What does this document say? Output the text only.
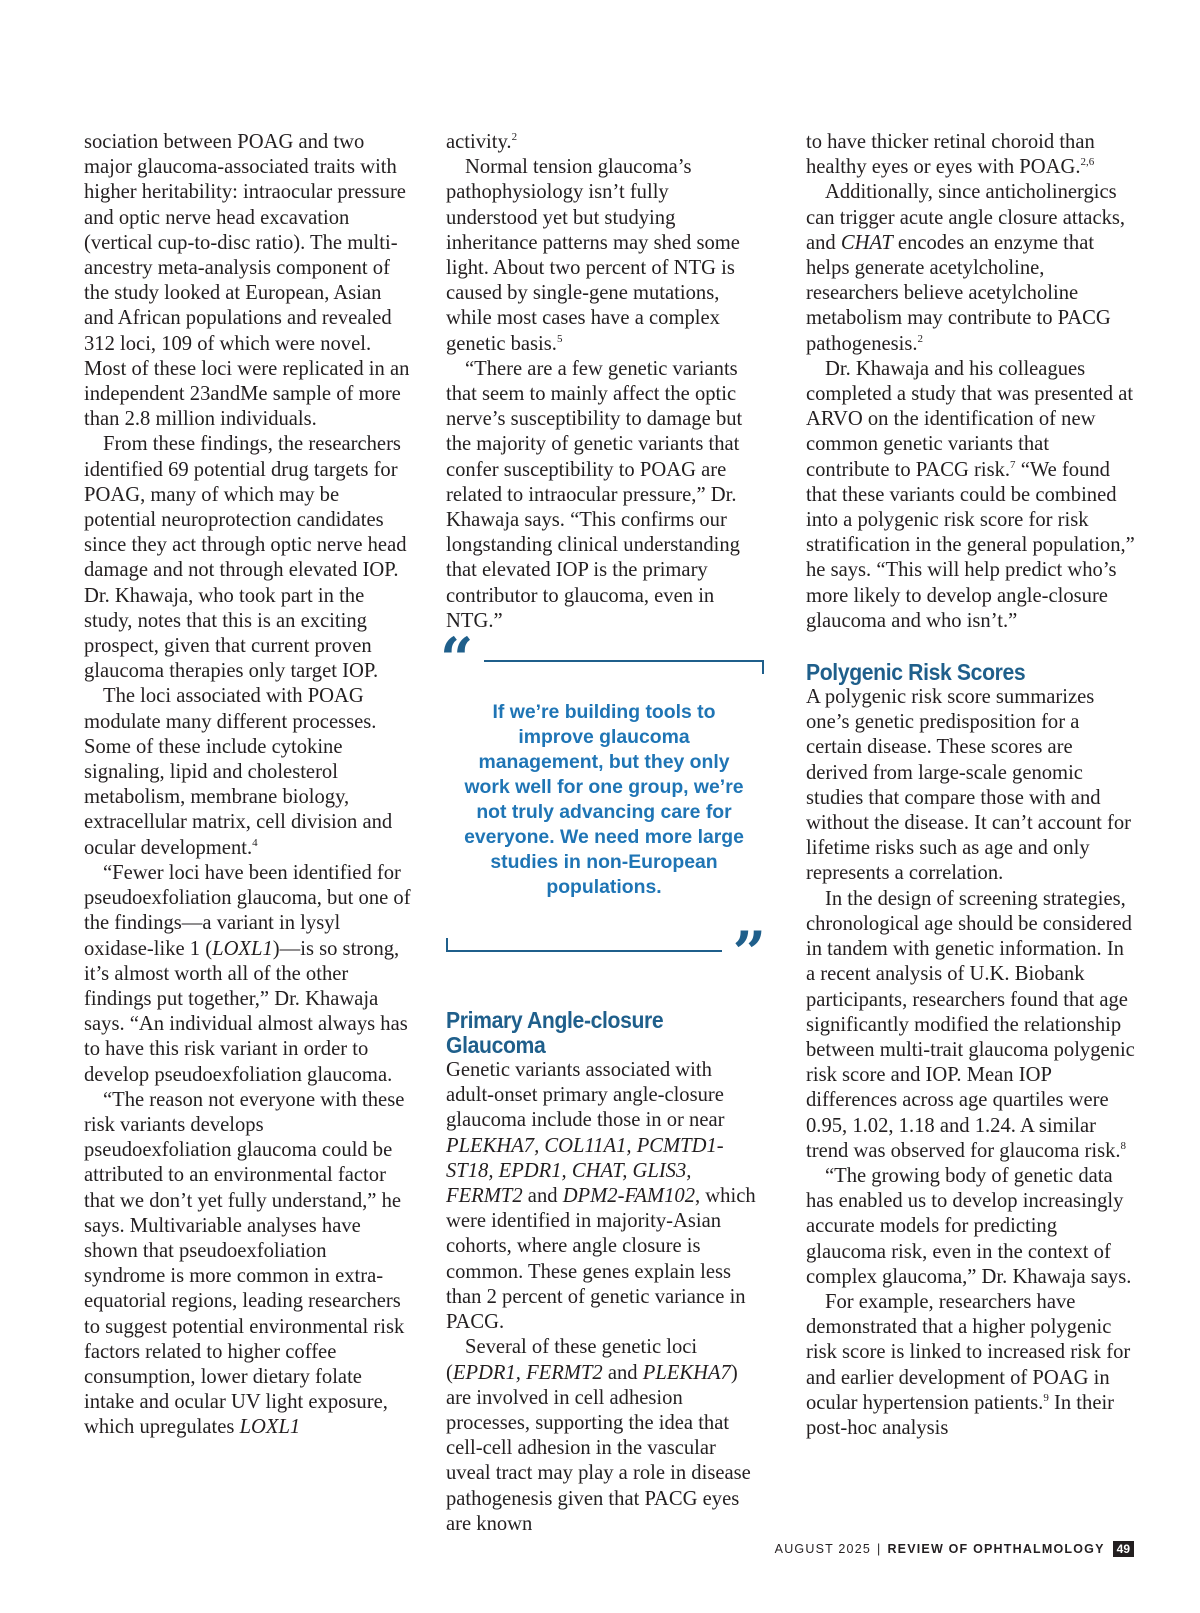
sociation between POAG and two major glaucoma-associated traits with higher heritability: intraocular pressure and optic nerve head excavation (vertical cup-to-disc ratio). The multi-ancestry meta-analysis component of the study looked at European, Asian and African populations and revealed 312 loci, 109 of which were novel. Most of these loci were replicated in an independent 23andMe sample of more than 2.8 million individuals.

From these findings, the researchers identified 69 potential drug targets for POAG, many of which may be potential neuroprotection candidates since they act through optic nerve head damage and not through elevated IOP. Dr. Khawaja, who took part in the study, notes that this is an exciting prospect, given that current proven glaucoma therapies only target IOP.

The loci associated with POAG modulate many different processes. Some of these include cytokine signaling, lipid and cholesterol metabolism, membrane biology, extracellular matrix, cell division and ocular development.$^4$

“Fewer loci have been identified for pseudoexfoliation glaucoma, but one of the findings—a variant in lysyl oxidase-like 1 (LOXL1)—is so strong, it’s almost worth all of the other findings put together,” Dr. Khawaja says. “An individual almost always has to have this risk variant in order to develop pseudoexfoliation glaucoma.

“The reason not everyone with these risk variants develops pseudoexfoliation glaucoma could be attributed to an environmental factor that we don’t yet fully understand,” he says. Multivariable analyses have shown that pseudoexfoliation syndrome is more common in extra-equatorial regions, leading researchers to suggest potential environmental risk factors related to higher coffee consumption, lower dietary folate intake and ocular UV light exposure, which upregulates LOXL1

activity.$^2$

Normal tension glaucoma’s pathophysiology isn’t fully understood yet but studying inheritance patterns may shed some light. About two percent of NTG is caused by single-gene mutations, while most cases have a complex genetic basis.$^5$

“There are a few genetic variants that seem to mainly affect the optic nerve’s susceptibility to damage but the majority of genetic variants that confer susceptibility to POAG are related to intraocular pressure,” Dr. Khawaja says. “This confirms our longstanding clinical understanding that elevated IOP is the primary contributor to glaucoma, even in NTG.”

“
If we’re building tools to improve glaucoma management, but they only work well for one group, we’re not truly advancing care for everyone. We need more large studies in non-European populations.
”
Primary Angle-closure Glaucoma

Genetic variants associated with adult-onset primary angle-closure glaucoma include those in or near PLEKHA7, COL11A1, PCMTD1-ST18, EPDR1, CHAT, GLIS3, FERMT2 and DPM2-FAM102, which were identified in majority-Asian cohorts, where angle closure is common. These genes explain less than 2 percent of genetic variance in PACG.

Several of these genetic loci (EPDR1, FERMT2 and PLEKHA7) are involved in cell adhesion processes, supporting the idea that cell-cell adhesion in the vascular uveal tract may play a role in disease pathogenesis given that PACG eyes are known

to have thicker retinal choroid than healthy eyes or eyes with POAG.$^{2,6}$

Additionally, since anticholinergics can trigger acute angle closure attacks, and CHAT encodes an enzyme that helps generate acetylcholine, researchers believe acetylcholine metabolism may contribute to PACG pathogenesis.$^2$

Dr. Khawaja and his colleagues completed a study that was presented at ARVO on the identification of new common genetic variants that contribute to PACG risk.$^7$ “We found that these variants could be combined into a polygenic risk score for risk stratification in the general population,” he says. “This will help predict who’s more likely to develop angle-closure glaucoma and who isn’t.”

Polygenic Risk Scores

A polygenic risk score summarizes one’s genetic predisposition for a certain disease. These scores are derived from large-scale genomic studies that compare those with and without the disease. It can’t account for lifetime risks such as age and only represents a correlation.

In the design of screening strategies, chronological age should be considered in tandem with genetic information. In a recent analysis of U.K. Biobank participants, researchers found that age significantly modified the relationship between multi-trait glaucoma polygenic risk score and IOP. Mean IOP differences across age quartiles were 0.95, 1.02, 1.18 and 1.24. A similar trend was observed for glaucoma risk.$^8$

“The growing body of genetic data has enabled us to develop increasingly accurate models for predicting glaucoma risk, even in the context of complex glaucoma,” Dr. Khawaja says.

For example, researchers have demonstrated that a higher polygenic risk score is linked to increased risk for and earlier development of POAG in ocular hypertension patients.$^9$ In their post-hoc analysis

AUGUST 2025 | REVIEW OF OPHTHALMOLOGY	49
